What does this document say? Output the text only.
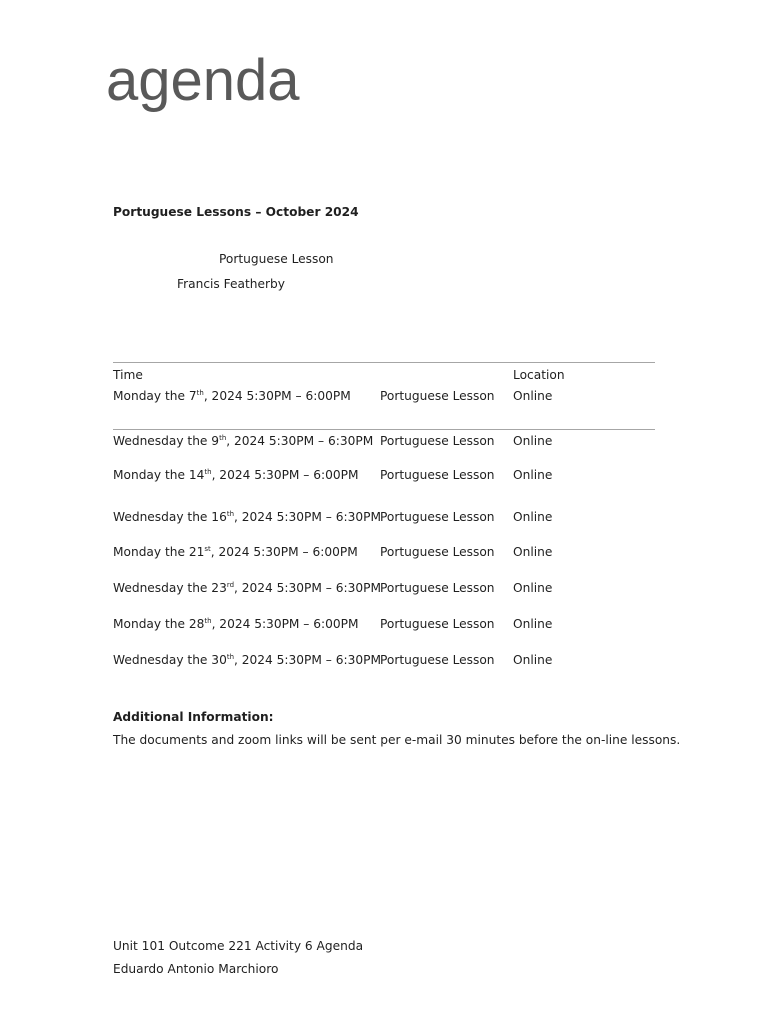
agenda
Portuguese Lessons – October 2024
Portuguese Lesson
Francis Featherby
Time	Location
Monday the 7th, 2024 5:30PM – 6:00PM Portuguese Lesson Online
Wednesday the 9th, 2024 5:30PM – 6:30PM Portuguese Lesson Online
Monday the 14th, 2024 5:30PM – 6:00PM Portuguese Lesson Online
Wednesday the 16th, 2024 5:30PM – 6:30PM Portuguese Lesson Online
Monday the 21st, 2024 5:30PM – 6:00PM Portuguese Lesson Online
Wednesday the 23rd, 2024 5:30PM – 6:30PM Portuguese Lesson Online
Monday the 28th, 2024 5:30PM – 6:00PM Portuguese Lesson Online
Wednesday the 30th, 2024 5:30PM – 6:30PM Portuguese Lesson Online
Additional Information:
The documents and zoom links will be sent per e-mail 30 minutes before the on-line lessons.
Unit 101 Outcome 221 Activity 6 Agenda
Eduardo Antonio Marchioro
